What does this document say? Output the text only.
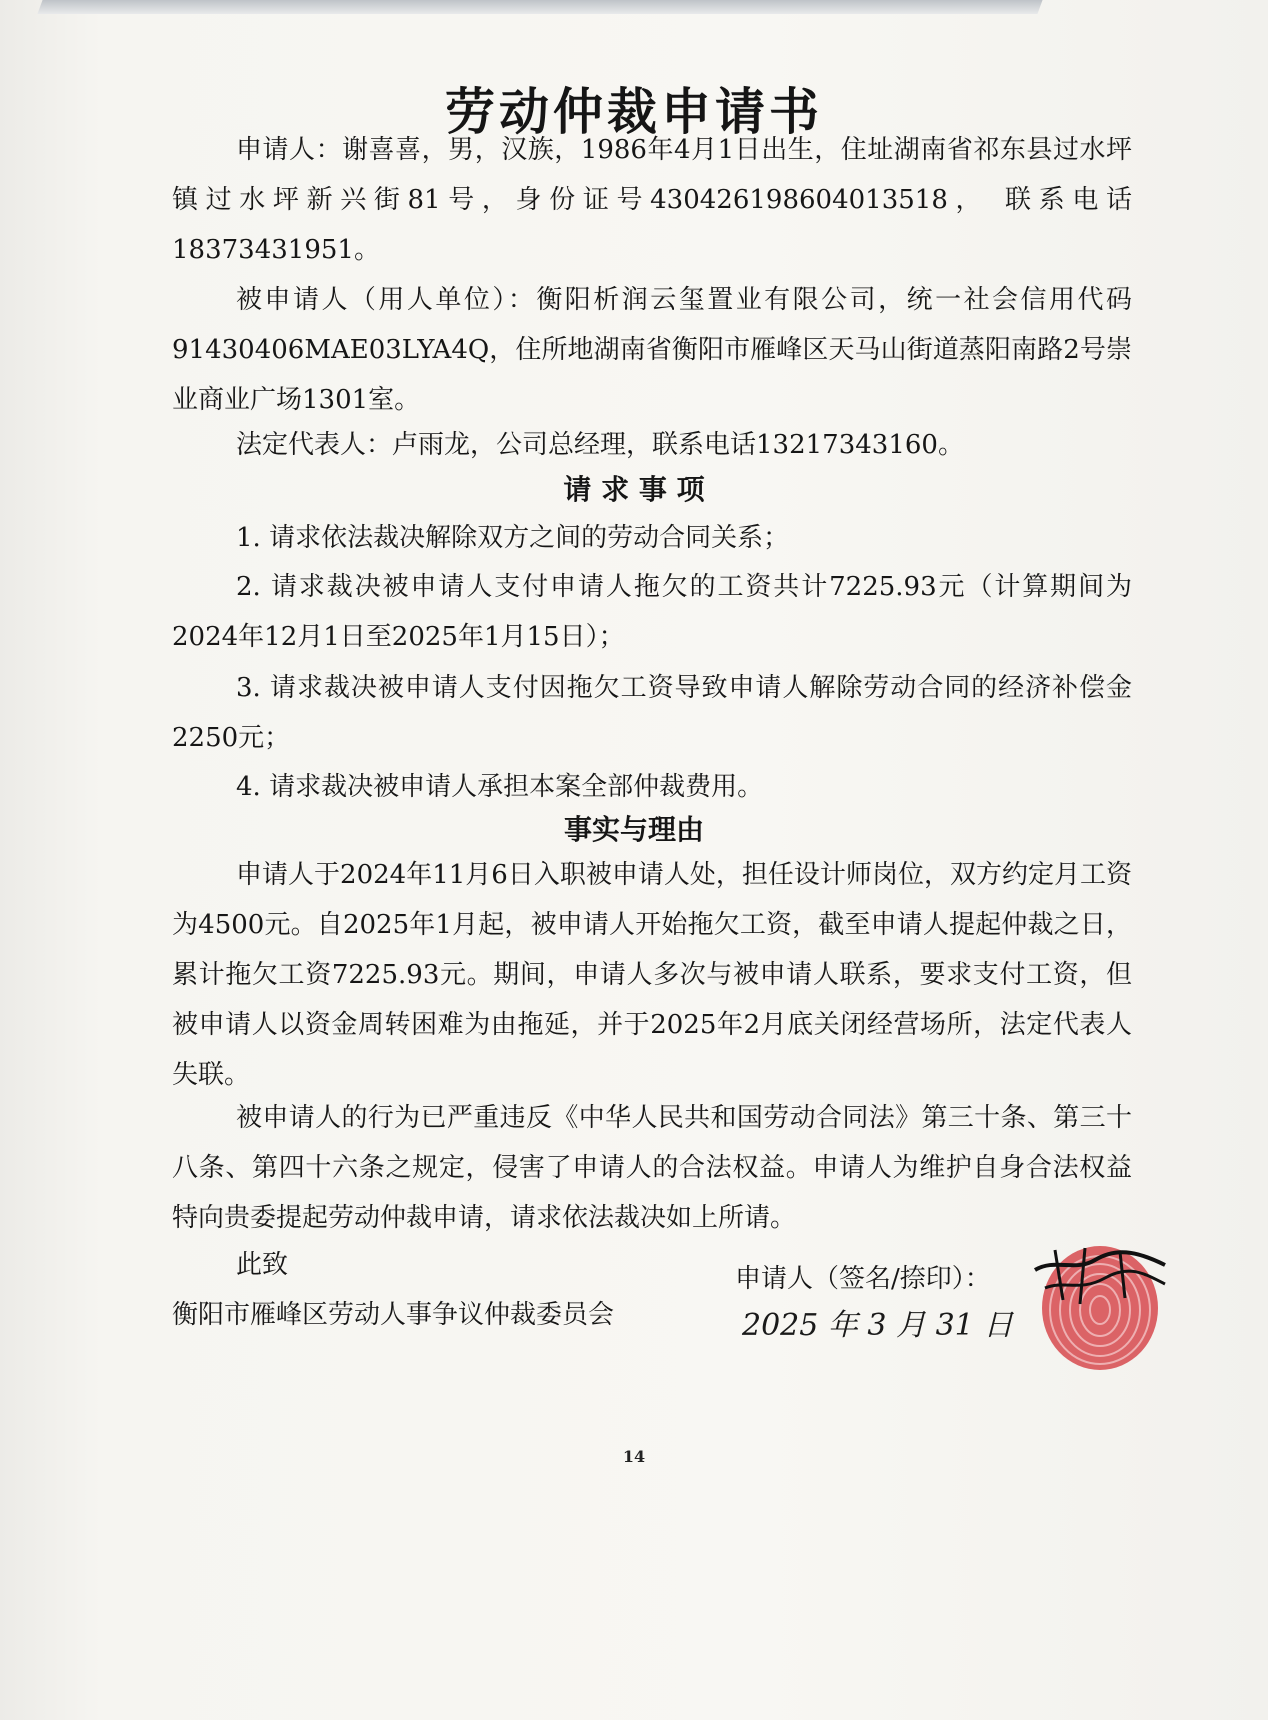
劳动仲裁申请书

申请人：谢喜喜，男，汉族，1986年4月1日出生，住址湖南省祁东县过水坪镇过水坪新兴街81号，身份证号430426198604013518， 联系电话18373431951。

被申请人（用人单位）：衡阳析润云玺置业有限公司，统一社会信用代码91430406MAE03LYA4Q，住所地湖南省衡阳市雁峰区天马山街道蒸阳南路2号崇业商业广场1301室。

法定代表人：卢雨龙，公司总经理，联系电话13217343160。

请 求 事 项

1. 请求依法裁决解除双方之间的劳动合同关系；

2. 请求裁决被申请人支付申请人拖欠的工资共计7225.93元（计算期间为2024年12月1日至2025年1月15日）；

3. 请求裁决被申请人支付因拖欠工资导致申请人解除劳动合同的经济补偿金2250元；

4. 请求裁决被申请人承担本案全部仲裁费用。

事实与理由

申请人于2024年11月6日入职被申请人处，担任设计师岗位，双方约定月工资为4500元。自2025年1月起，被申请人开始拖欠工资，截至申请人提起仲裁之日，累计拖欠工资7225.93元。期间，申请人多次与被申请人联系，要求支付工资，但被申请人以资金周转困难为由拖延，并于2025年2月底关闭经营场所，法定代表人失联。

被申请人的行为已严重违反《中华人民共和国劳动合同法》第三十条、第三十八条、第四十六条之规定，侵害了申请人的合法权益。申请人为维护自身合法权益特向贵委提起劳动仲裁申请，请求依法裁决如上所请。

此致

衡阳市雁峰区劳动人事争议仲裁委员会

申请人（签名/捺印）：
2025 年 3 月 31 日
14
